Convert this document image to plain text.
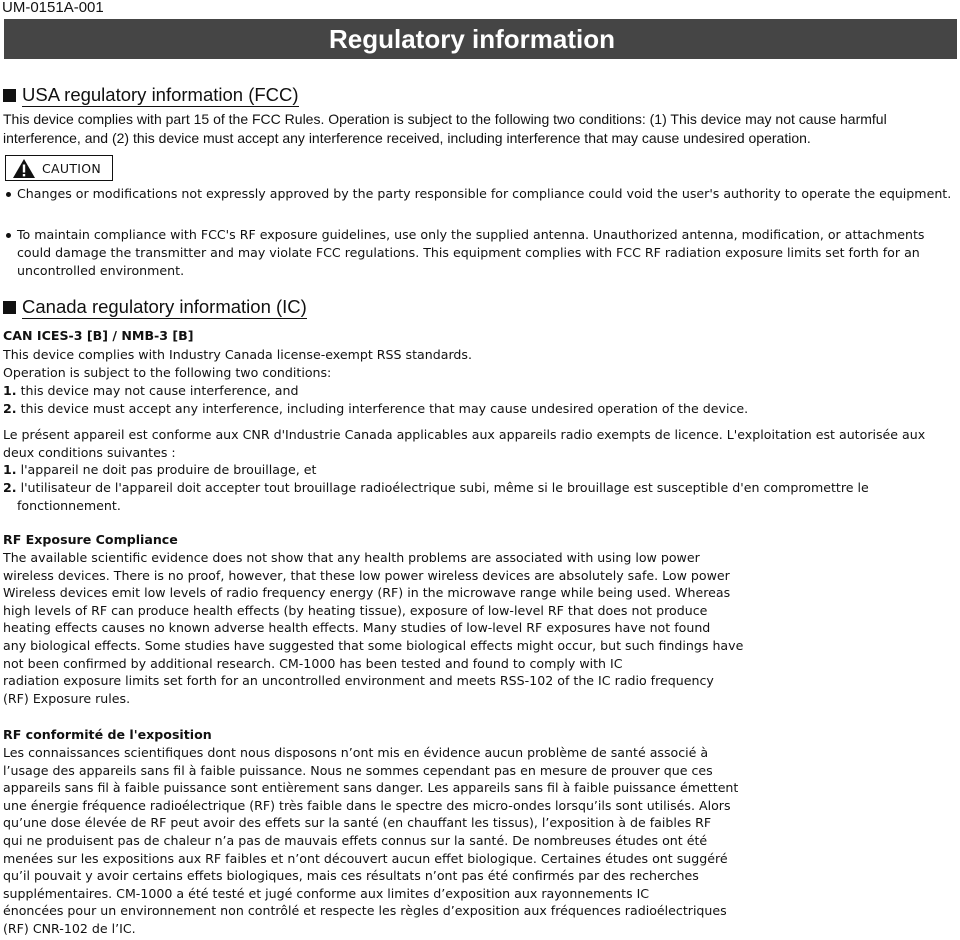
UM-0151A-001
Regulatory information
USA regulatory information (FCC)

This device complies with part 15 of the FCC Rules. Operation is subject to the following two conditions: (1) This device may not cause harmful interference, and (2) this device must accept any interference received, including interference that may cause undesired operation.

CAUTION
Changes or modifications not expressly approved by the party responsible for compliance could void the user's authority to operate the equipment.
To maintain compliance with FCC's RF exposure guidelines, use only the supplied antenna. Unauthorized antenna, modification, or attachments could damage the transmitter and may violate FCC regulations. This equipment complies with FCC RF radiation exposure limits set forth for an uncontrolled environment.
Canada regulatory information (IC)

CAN ICES-3 [B] / NMB-3 [B]

This device complies with Industry Canada license-exempt RSS standards.

Operation is subject to the following two conditions:

1. this device may not cause interference, and

2. this device must accept any interference, including interference that may cause undesired operation of the device.

Le présent appareil est conforme aux CNR d'Industrie Canada applicables aux appareils radio exempts de licence. L'exploitation est autorisée aux deux conditions suivantes :

1. l'appareil ne doit pas produire de brouillage, et

2. l'utilisateur de l'appareil doit accepter tout brouillage radioélectrique subi, même si le brouillage est susceptible d'en compromettre le fonctionnement.

RF Exposure Compliance

The available scientific evidence does not show that any health problems are associated with using low power
wireless devices. There is no proof, however, that these low power wireless devices are absolutely safe. Low power
Wireless devices emit low levels of radio frequency energy (RF) in the microwave range while being used. Whereas
high levels of RF can produce health effects (by heating tissue), exposure of low-level RF that does not produce
heating effects causes no known adverse health effects. Many studies of low-level RF exposures have not found
any biological effects. Some studies have suggested that some biological effects might occur, but such findings have
not been confirmed by additional research. CM-1000 has been tested and found to comply with IC
radiation exposure limits set forth for an uncontrolled environment and meets RSS-102 of the IC radio frequency
(RF) Exposure rules.

RF conformité de l'exposition

Les connaissances scientifiques dont nous disposons n’ont mis en évidence aucun problème de santé associé à
l’usage des appareils sans fil à faible puissance. Nous ne sommes cependant pas en mesure de prouver que ces
appareils sans fil à faible puissance sont entièrement sans danger. Les appareils sans fil à faible puissance émettent
une énergie fréquence radioélectrique (RF) très faible dans le spectre des micro-ondes lorsqu’ils sont utilisés. Alors
qu’une dose élevée de RF peut avoir des effets sur la santé (en chauffant les tissus), l’exposition à de faibles RF
qui ne produisent pas de chaleur n’a pas de mauvais effets connus sur la santé. De nombreuses études ont été
menées sur les expositions aux RF faibles et n’ont découvert aucun effet biologique. Certaines études ont suggéré
qu’il pouvait y avoir certains effets biologiques, mais ces résultats n’ont pas été confirmés par des recherches
supplémentaires. CM-1000 a été testé et jugé conforme aux limites d’exposition aux rayonnements IC
énoncées pour un environnement non contrôlé et respecte les règles d’exposition aux fréquences radioélectriques
(RF) CNR-102 de l’IC.
